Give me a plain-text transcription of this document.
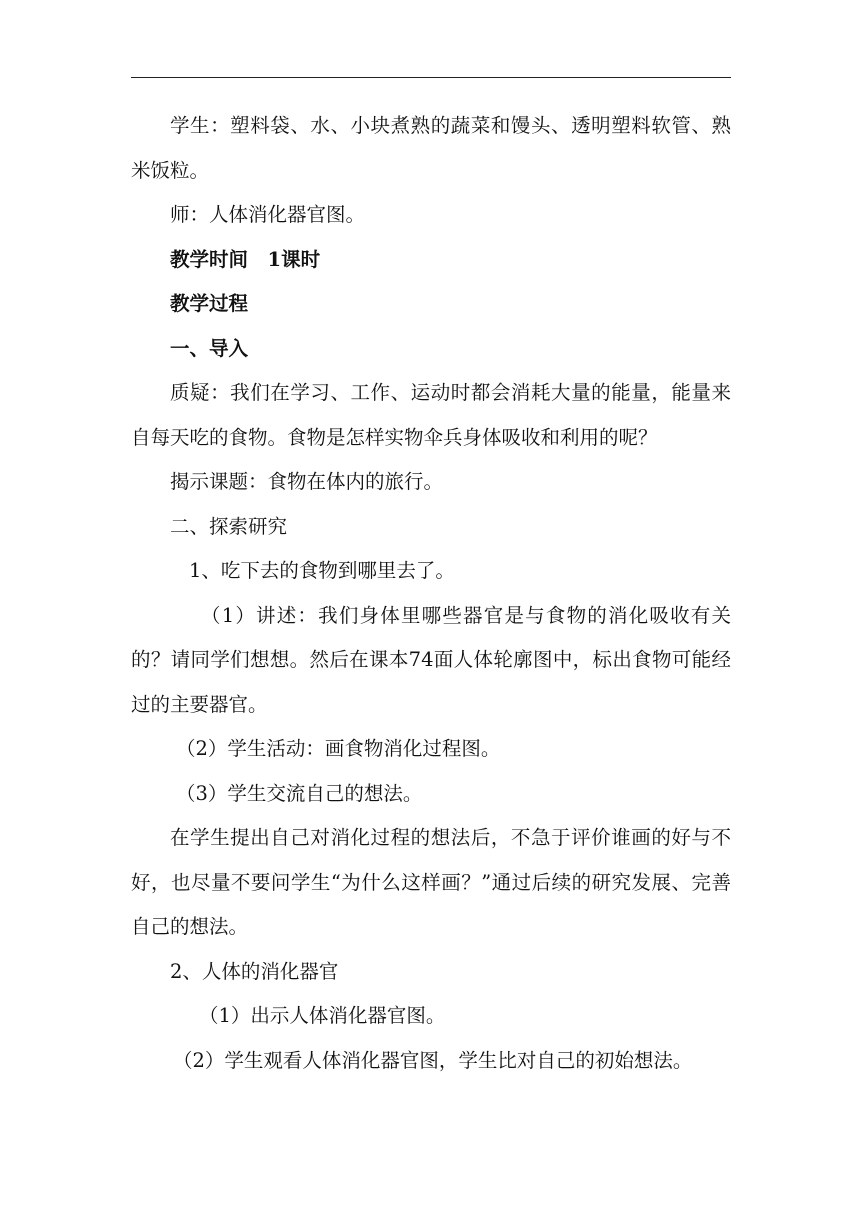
学生：塑料袋、水、小块煮熟的蔬菜和馒头、透明塑料软管、熟米饭粒。

师：人体消化器官图。

教学时间　1课时

教学过程

一、导入

质疑：我们在学习、工作、运动时都会消耗大量的能量，能量来自每天吃的食物。食物是怎样实物伞兵身体吸收和利用的呢？

揭示课题：食物在体内的旅行。

二、探索研究

1、吃下去的食物到哪里去了。

（1）讲述：我们身体里哪些器官是与食物的消化吸收有关的？请同学们想想。然后在课本74面人体轮廓图中，标出食物可能经过的主要器官。

（2）学生活动：画食物消化过程图。

（3）学生交流自己的想法。

在学生提出自己对消化过程的想法后，不急于评价谁画的好与不好，也尽量不要问学生“为什么这样画？”通过后续的研究发展、完善自己的想法。

2、人体的消化器官

（1）出示人体消化器官图。

（2）学生观看人体消化器官图，学生比对自己的初始想法。
